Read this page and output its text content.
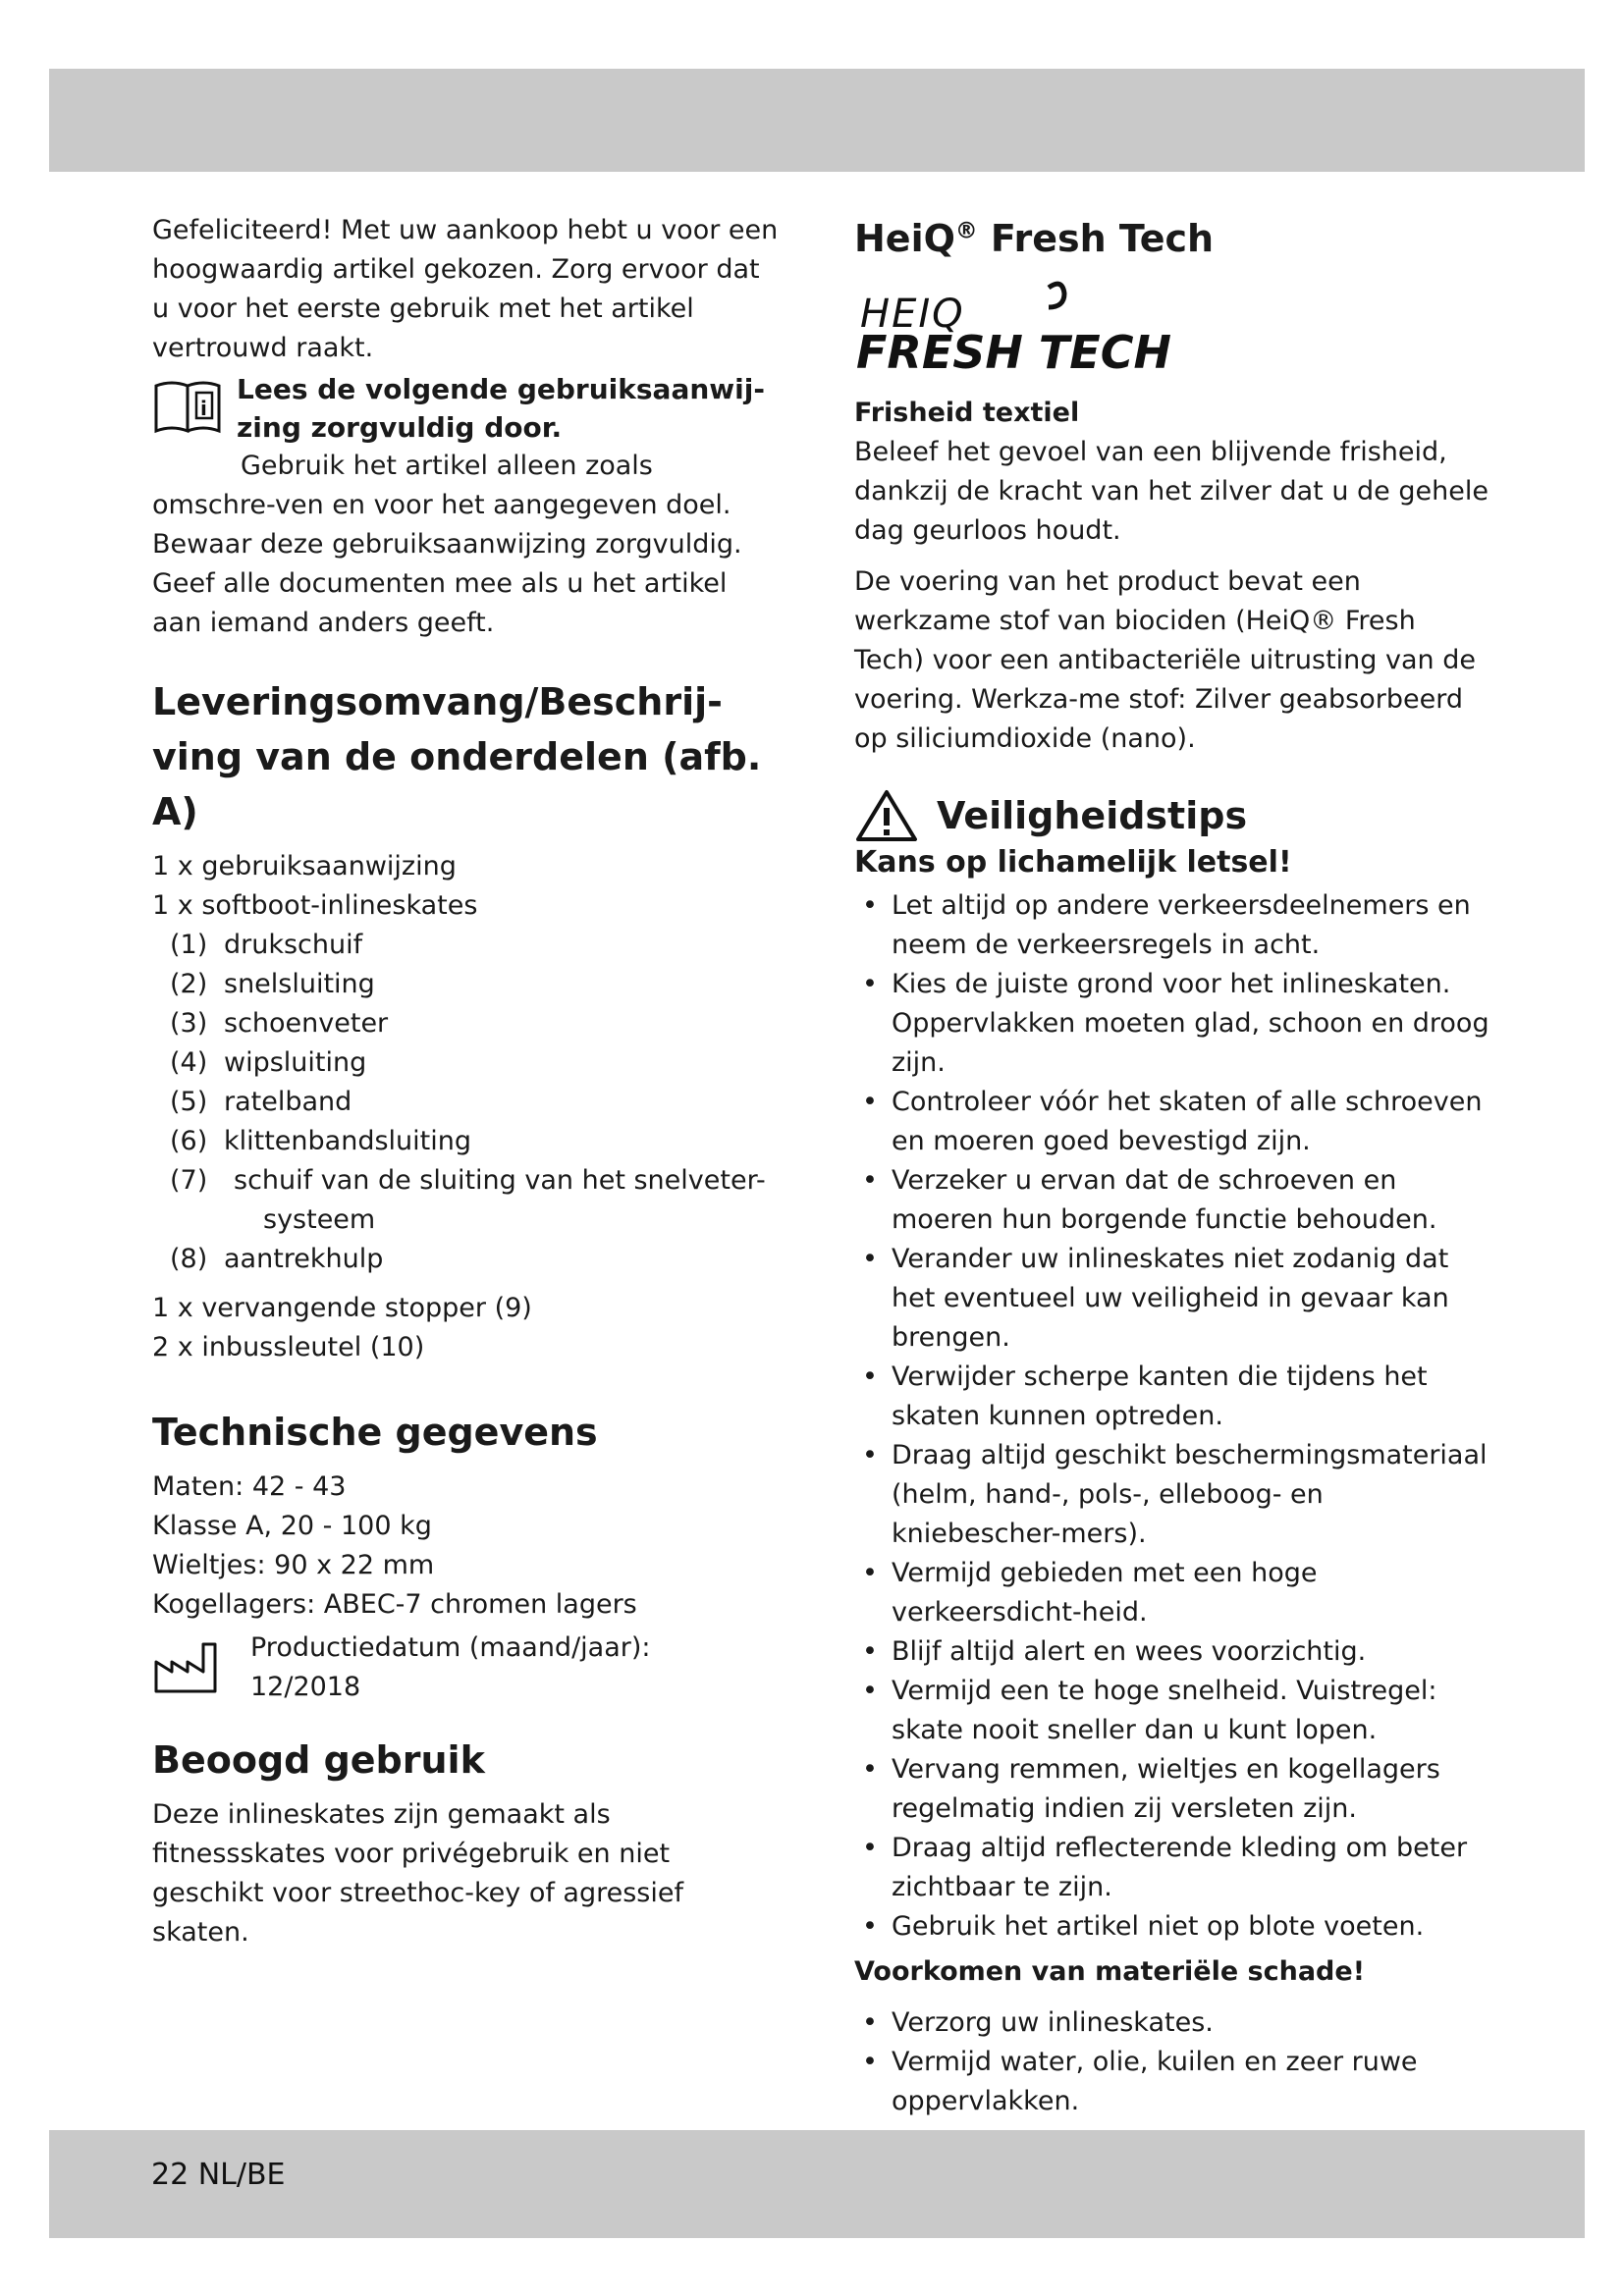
Gefeliciteerd! Met uw aankoop hebt u voor een hoogwaardig artikel gekozen. Zorg ervoor dat u voor het eerste gebruik met het artikel vertrouwd raakt.

i

Lees de volgende gebruiksaanwij-zing zorgvuldig door.

Gebruik het artikel alleen zoals omschre-ven en voor het aangegeven doel.

Bewaar deze gebruiksaanwijzing zorgvuldig. Geef alle documenten mee als u het artikel aan iemand anders geeft.

Leveringsomvang/Beschrij-ving van de onderdelen (afb. A)
1 x gebruiksaanwijzing
1 x softboot-inlineskates
(1) drukschuif
(2) snelsluiting
(3) schoenveter
(4) wipsluiting
(5) ratelband
(6) klittenbandsluiting
(7) schuif van de sluiting van het snelveter-
systeem
(8) aantrekhulp
1 x vervangende stopper (9)
2 x inbussleutel (10)
Technische gegevens
Maten: 42 - 43
Klasse A, 20 - 100 kg
Wieltjes: 90 x 22 mm
Kogellagers: ABEC-7 chromen lagers
Productiedatum (maand/jaar):
12/2018
Beoogd gebruik

Deze inlineskates zijn gemaakt als fitnessskates voor privégebruik en niet geschikt voor streethoc-key of agressief skaten.

HeiQ® Fresh Tech
HEIQ
FRESH TECH
Frisheid textiel

Beleef het gevoel van een blijvende frisheid, dankzij de kracht van het zilver dat u de gehele dag geurloos houdt.

De voering van het product bevat een werkzame stof van biociden (HeiQ® Fresh Tech) voor een antibacteriële uitrusting van de voering. Werkza-me stof: Zilver geabsorbeerd op siliciumdioxide (nano).

Veiligheidstips
Kans op lichamelijk letsel!
• Let altijd op andere verkeersdeelnemers en neem de verkeersregels in acht.
• Kies de juiste grond voor het inlineskaten. Oppervlakken moeten glad, schoon en droog zijn.
• Controleer vóór het skaten of alle schroeven en moeren goed bevestigd zijn.
• Verzeker u ervan dat de schroeven en moeren hun borgende functie behouden.
• Verander uw inlineskates niet zodanig dat het eventueel uw veiligheid in gevaar kan brengen.
• Verwijder scherpe kanten die tijdens het skaten kunnen optreden.
• Draag altijd geschikt beschermingsmateriaal (helm, hand-, pols-, elleboog- en kniebescher-mers).
• Vermijd gebieden met een hoge verkeersdicht-heid.
• Blijf altijd alert en wees voorzichtig.
• Vermijd een te hoge snelheid. Vuistregel: skate nooit sneller dan u kunt lopen.
• Vervang remmen, wieltjes en kogellagers regelmatig indien zij versleten zijn.
• Draag altijd reflecterende kleding om beter zichtbaar te zijn.
• Gebruik het artikel niet op blote voeten.
Voorkomen van materiële schade!
• Verzorg uw inlineskates.
• Vermijd water, olie, kuilen en zeer ruwe oppervlakken.
22 NL/BE
